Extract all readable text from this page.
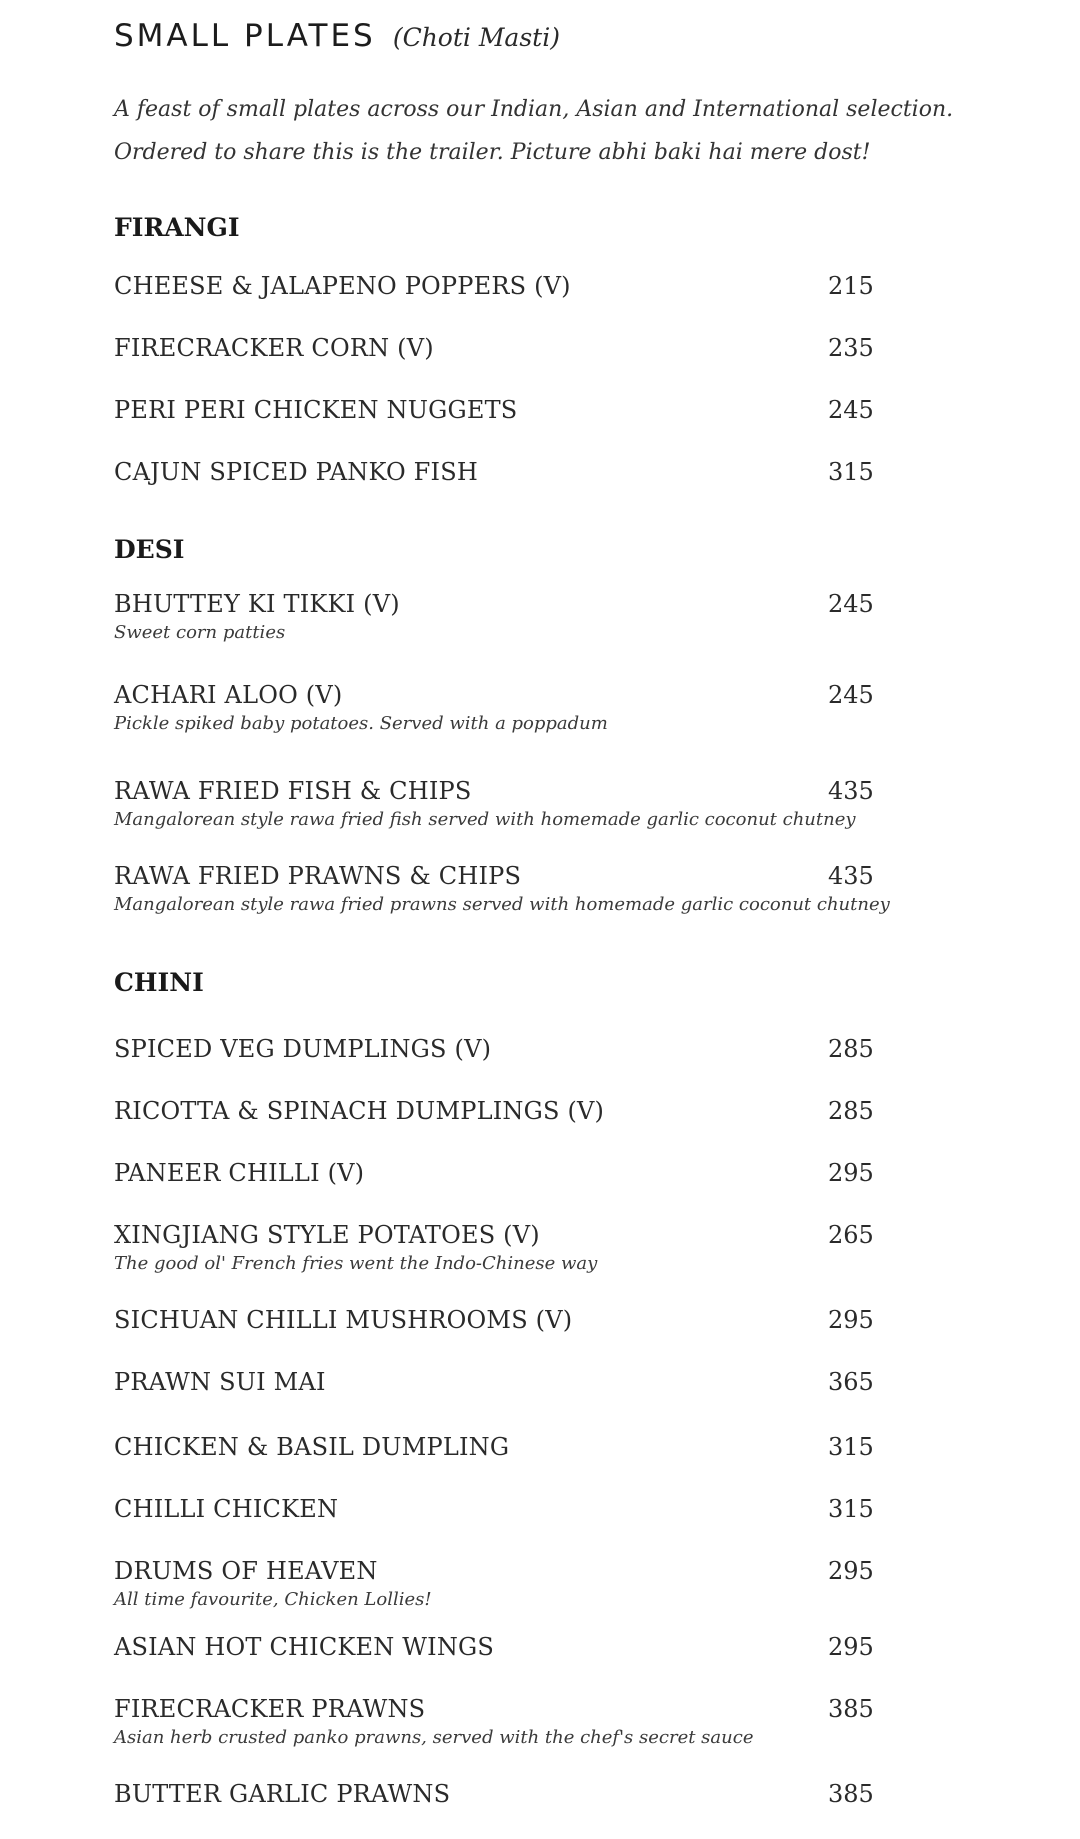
SMALL PLATES (Choti Masti)
A feast of small plates across our Indian, Asian and International selection.
Ordered to share this is the trailer. Picture abhi baki hai mere dost!
FIRANGI
CHEESE & JALAPENO POPPERS (V)	215
FIRECRACKER CORN (V)	235
PERI PERI CHICKEN NUGGETS	245
CAJUN SPICED PANKO FISH	315
DESI
BHUTTEY KI TIKKI (V)	245
Sweet corn patties
ACHARI ALOO (V)	245
Pickle spiked baby potatoes. Served with a poppadum
RAWA FRIED FISH & CHIPS	435
Mangalorean style rawa fried fish served with homemade garlic coconut chutney
RAWA FRIED PRAWNS & CHIPS	435
Mangalorean style rawa fried prawns served with homemade garlic coconut chutney
CHINI
SPICED VEG DUMPLINGS (V)	285
RICOTTA & SPINACH DUMPLINGS (V)	285
PANEER CHILLI (V)	295
XINGJIANG STYLE POTATOES (V)	265
The good ol' French fries went the Indo-Chinese way
SICHUAN CHILLI MUSHROOMS (V)	295
PRAWN SUI MAI	365
CHICKEN & BASIL DUMPLING	315
CHILLI CHICKEN	315
DRUMS OF HEAVEN	295
All time favourite, Chicken Lollies!
ASIAN HOT CHICKEN WINGS	295
FIRECRACKER PRAWNS	385
Asian herb crusted panko prawns, served with the chef's secret sauce
BUTTER GARLIC PRAWNS	385
